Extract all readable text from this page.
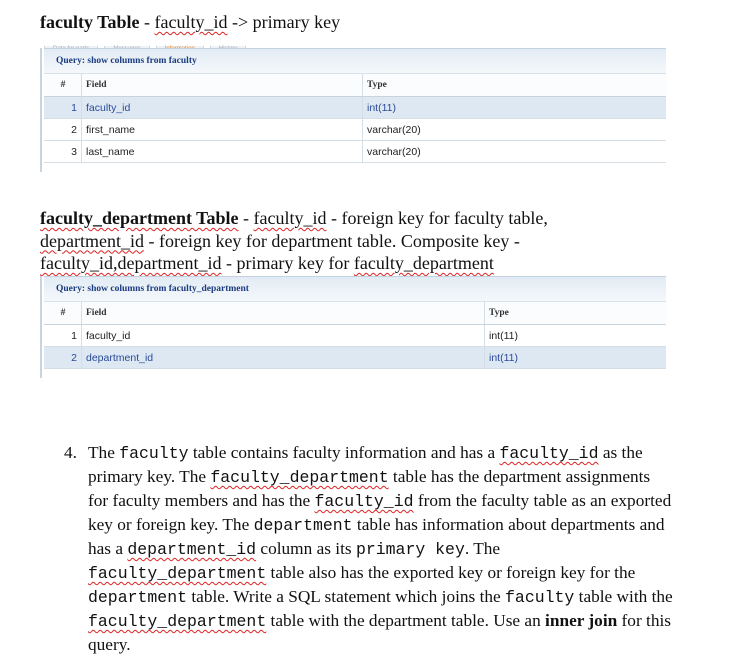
faculty Table - faculty_id -> primary key
Query: show columns from faculty
#	Field	Type
1	faculty_id	int(11)
2	first_name	varchar(20)
3	last_name	varchar(20)
faculty_department Table - faculty_id - foreign key for faculty table, department_id - foreign key for department table. Composite key - faculty_id,department_id - primary key for faculty_department
Query: show columns from faculty_department
#	Field	Type
1	faculty_id	int(11)
2	department_id	int(11)
4. The faculty table contains faculty information and has a faculty_id as the primary key. The faculty_department table has the department assignments for faculty members and has the faculty_id from the faculty table as an exported key or foreign key. The department table has information about departments and has a department_id column as its primary key. The faculty_department table also has the exported key or foreign key for the department table. Write a SQL statement which joins the faculty table with the faculty_department table with the department table. Use an inner join for this query.
